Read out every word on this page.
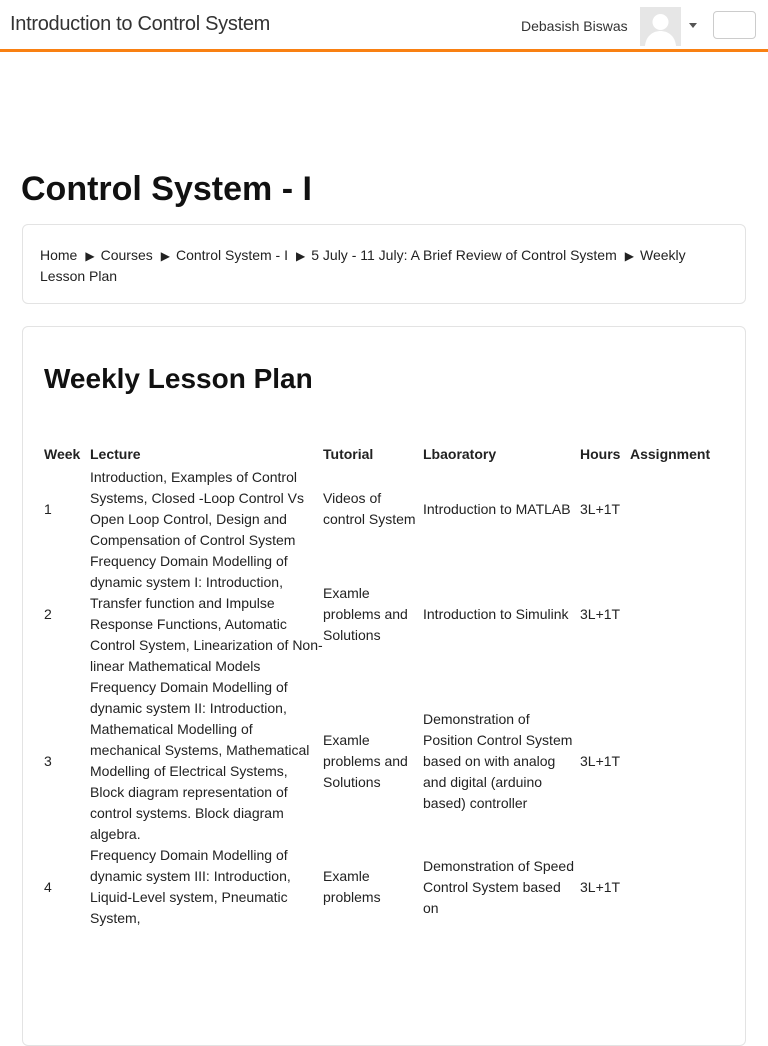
Introduction to Control System	Debasish Biswas
Control System - I
Home ▶ Courses ▶ Control System - I ▶ 5 July - 11 July: A Brief Review of Control System ▶ Weekly Lesson Plan
Weekly Lesson Plan
Week	Lecture	Tutorial	Lbaoratory	Hours	Assignment
1	Introduction, Examples of Control Systems, Closed -Loop Control Vs Open Loop Control, Design and Compensation of Control System	Videos of control System	Introduction to MATLAB	3L+1T	
2	Frequency Domain Modelling of dynamic system I: Introduction, Transfer function and Impulse Response Functions, Automatic Control System, Linearization of Non-linear Mathematical Models	Examle problems and Solutions	Introduction to Simulink	3L+1T	
3	Frequency Domain Modelling of dynamic system II: Introduction, Mathematical Modelling of mechanical Systems, Mathematical Modelling of Electrical Systems, Block diagram representation of control systems. Block diagram algebra.	Examle problems and Solutions	Demonstration of Position Control System based on with analog and digital (arduino based) controller	3L+1T	
4	Frequency Domain Modelling of dynamic system III: Introduction, Liquid-Level system, Pneumatic System,	Examle problems	Demonstration of Speed Control System based on	3L+1T	
